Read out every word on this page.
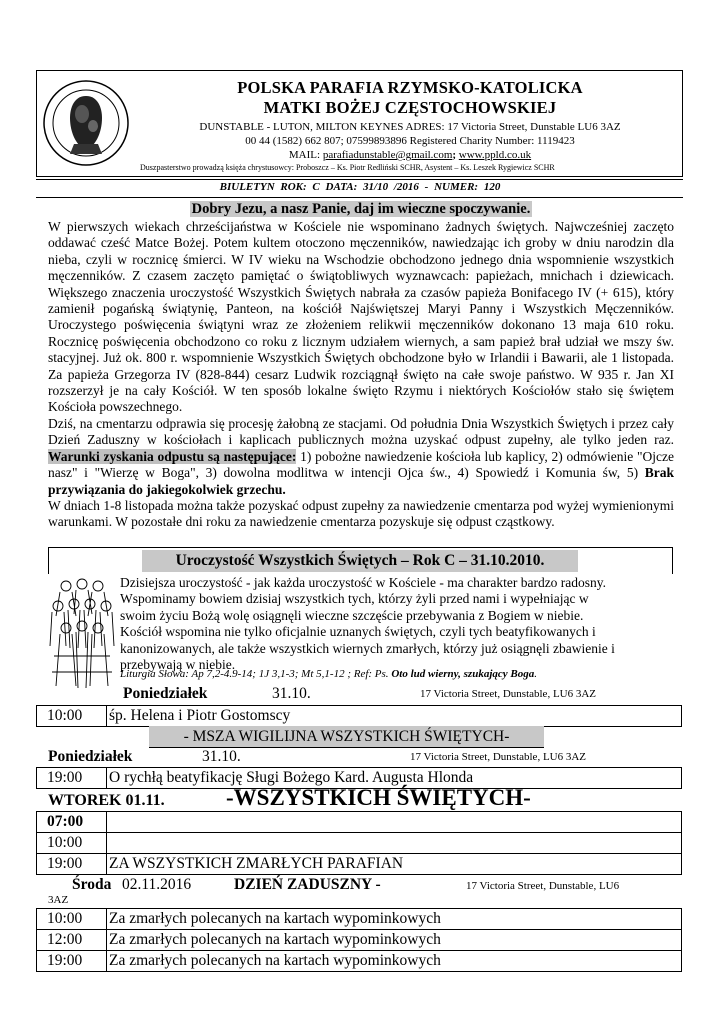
POLSKA PARAFIA RZYMSKO-KATOLICKA
MATKI BOŻEJ CZĘSTOCHOWSKIEJ
DUNSTABLE - LUTON, MILTON KEYNES ADRES: 17 Victoria Street, Dunstable LU6 3AZ
00 44 (1582) 662 807; 07599893896 Registered Charity Number: 1119423
MAIL: parafiadunstable@gmail.com; www.ppld.co.uk
Duszpasterstwo prowadzą księża chrystusowcy: Proboszcz – Ks. Piotr Redliński SCHR, Asystent – Ks. Leszek Rygiewicz SCHR
BIULETYN ROK: C DATA: 31/10 /2016 - NUMER: 120
Dobry Jezu, a nasz Panie, daj im wieczne spoczywanie.

W pierwszych wiekach chrześcijaństwa w Kościele nie wspominano żadnych świętych. Najwcześniej zaczęto oddawać cześć Matce Bożej. Potem kultem otoczono męczenników, nawiedzając ich groby w dniu narodzin dla nieba, czyli w rocznicę śmierci. W IV wieku na Wschodzie obchodzono jednego dnia wspomnienie wszystkich męczenników. Z czasem zaczęto pamiętać o świątobliwych wyznawcach: papieżach, mnichach i dziewicach. Większego znaczenia uroczystość Wszystkich Świętych nabrała za czasów papieża Bonifacego IV (+ 615), który zamienił pogańską świątynię, Panteon, na kościół Najświętszej Maryi Panny i Wszystkich Męczenników. Uroczystego poświęcenia świątyni wraz ze złożeniem relikwii męczenników dokonano 13 maja 610 roku. Rocznicę poświęcenia obchodzono co roku z licznym udziałem wiernych, a sam papież brał udział we mszy św. stacyjnej. Już ok. 800 r. wspomnienie Wszystkich Świętych obchodzone było w Irlandii i Bawarii, ale 1 listopada. Za papieża Grzegorza IV (828-844) cesarz Ludwik rozciągnął święto na całe swoje państwo. W 935 r. Jan XI rozszerzył je na cały Kościół. W ten sposób lokalne święto Rzymu i niektórych Kościołów stało się świętem Kościoła powszechnego.

Dziś, na cmentarzu odprawia się procesję żałobną ze stacjami. Od południa Dnia Wszystkich Świętych i przez cały Dzień Zaduszny w kościołach i kaplicach publicznych można uzyskać odpust zupełny, ale tylko jeden raz. Warunki zyskania odpustu są następujące: 1) pobożne nawiedzenie kościoła lub kaplicy, 2) odmówienie "Ojcze nasz" i "Wierzę w Boga", 3) dowolna modlitwa w intencji Ojca św., 4) Spowiedź i Komunia św, 5) Brak przywiązania do jakiegokolwiek grzechu.

W dniach 1-8 listopada można także pozyskać odpust zupełny za nawiedzenie cmentarza pod wyżej wymienionymi warunkami. W pozostałe dni roku za nawiedzenie cmentarza pozyskuje się odpust cząstkowy.

Uroczystość Wszystkich Świętych – Rok C – 31.10.2010.
Dzisiejsza uroczystość - jak każda uroczystość w Kościele - ma charakter bardzo radosny. Wspominamy bowiem dzisiaj wszystkich tych, którzy żyli przed nami i wypełniając w swoim życiu Bożą wolę osiągnęli wieczne szczęście przebywania z Bogiem w niebie. Kościół wspomina nie tylko oficjalnie uznanych świętych, czyli tych beatyfikowanych i kanonizowanych, ale także wszystkich wiernych zmarłych, którzy już osiągnęli zbawienie i przebywają w niebie.
Liturgia Słowa: Ap 7,2-4.9-14; 1J 3,1-3; Mt 5,1-12 ; Ref: Ps. Oto lud wierny, szukający Boga.
Poniedziałek	31.10.	17 Victoria Street, Dunstable, LU6 3AZ
10:00 śp. Helena i Piotr Gostomscy
- MSZA WIGILIJNA WSZYSTKICH ŚWIĘTYCH-
Poniedziałek	31.10.	17 Victoria Street, Dunstable, LU6 3AZ
19:00 O rychłą beatyfikację Sługi Bożego Kard. Augusta Hlonda
WTOREK 01.11.	-WSZYSTKICH ŚWIĘTYCH-
07:00
10:00
19:00 ZA WSZYSTKICH ZMARŁYCH PARAFIAN
Środa 02.11.2016	DZIEŃ ZADUSZNY -	17 Victoria Street, Dunstable, LU6
3AZ
10:00 Za zmarłych polecanych na kartach wypominkowych
12:00 Za zmarłych polecanych na kartach wypominkowych
19:00 Za zmarłych polecanych na kartach wypominkowych
